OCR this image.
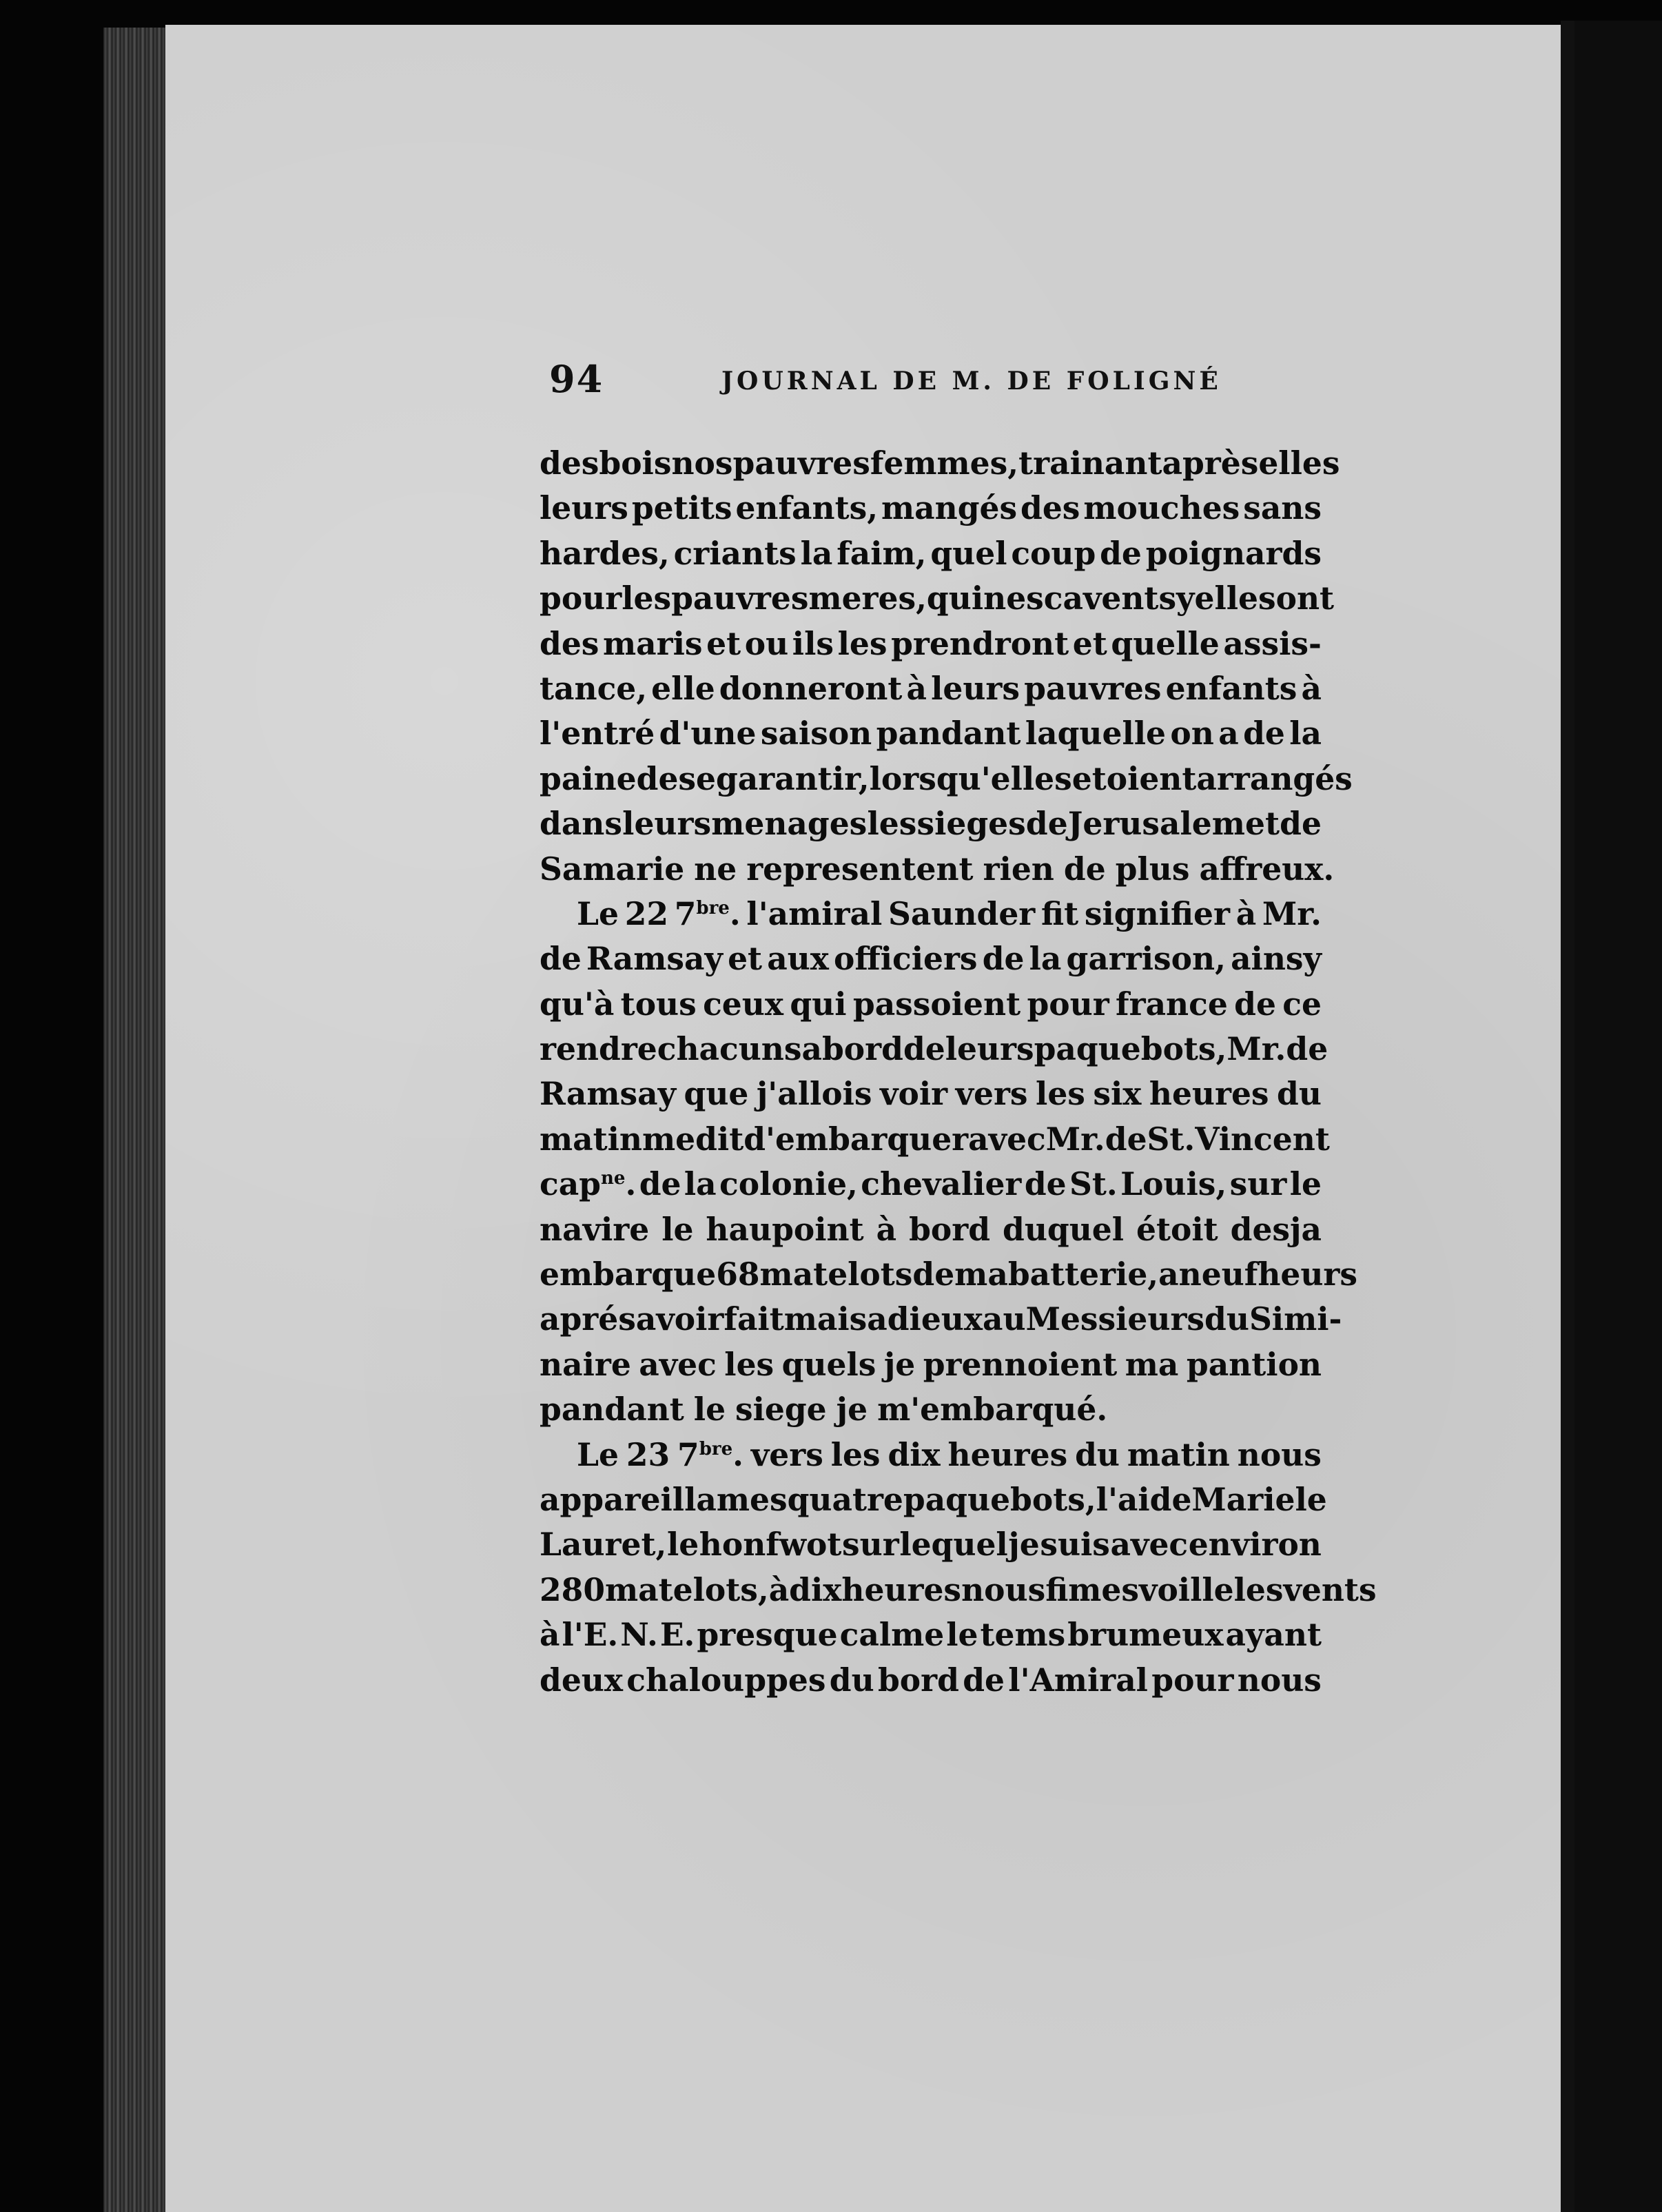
94	JOURNAL DE M. DE FOLIGNÉ
des bois nos pauvres femmes, trainant après elles
leurs petits enfants, mangés des mouches sans
hardes, criants la faim, quel coup de poignards
pour les pauvres meres, qui ne scavent sy elles ont
des maris et ou ils les prendront et quelle assis-
tance, elle donneront à leurs pauvres enfants à
l'entré d'une saison pandant laquelle on a de la
paine de se garantir, lorsqu'elles etoient arrangés
dans leurs menages les sieges de Jerusalem et de
Samarie ne representent rien de plus affreux.
Le 22 $7^{bre}$. l'amiral Saunder fit signifier à Mr.
de Ramsay et aux officiers de la garrison, ainsy
qu'à tous ceux qui passoient pour france de ce
rendre chacuns a bord de leurs paquebots, Mr. de
Ramsay que j'allois voir vers les six heures du
matin me dit d'embarquer avec Mr. de St. Vincent
cap$^{ne}$. de la colonie, chevalier de St. Louis, sur le
navire le haupoint à bord duquel étoit desja
embarque 68 matelots de ma batterie, a neuf heurs
aprés avoir fait mais adieux au Messieurs du Simi-
naire avec les quels je prennoient ma pantion
pandant le siege je m'embarqué.
Le 23 $7^{bre}$. vers les dix heures du matin nous
appareillames quatre paquebots, l'aide Marie le
Lauret, le honfwot sur lequel je suis avec environ
280 matelots, à dix heures nous fimes voille les vents
à l'E. N. E. presque calme le tems brumeux ayant
deux chalouppes du bord de l'Amiral pour nous
